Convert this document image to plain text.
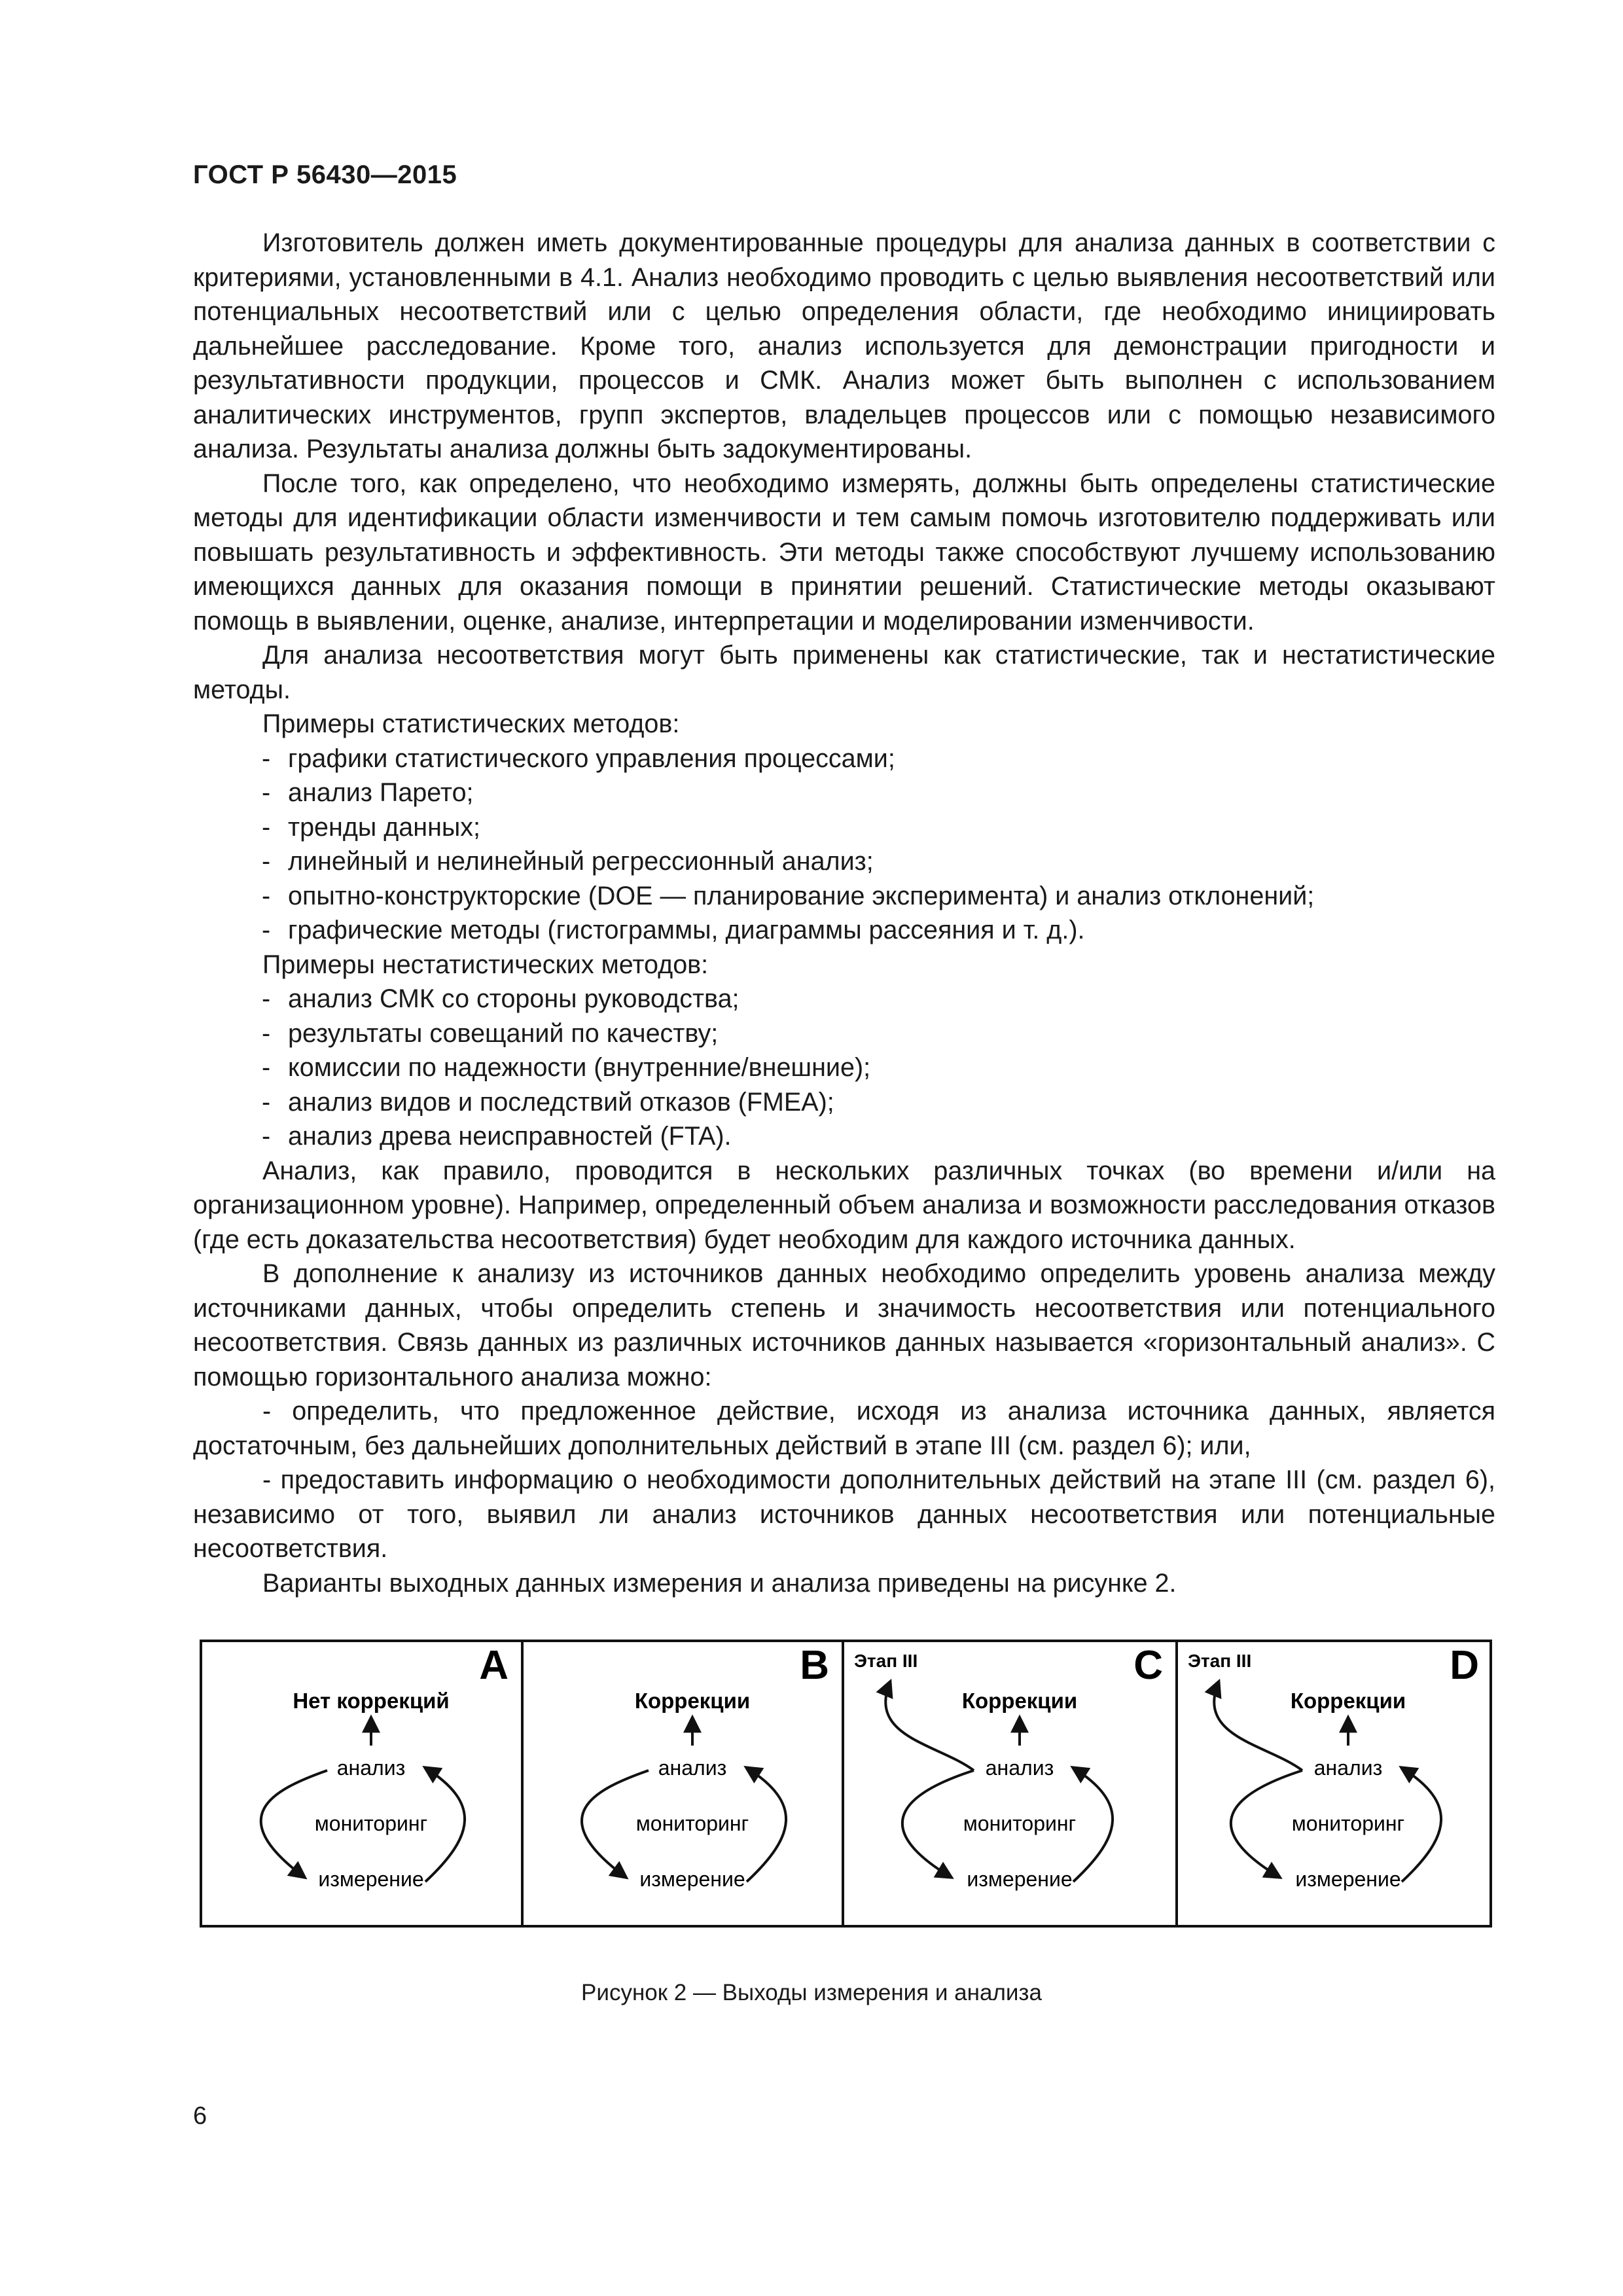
ГОСТ Р 56430—2015

Изготовитель должен иметь документированные процедуры для анализа данных в соответствии с критериями, установленными в 4.1. Анализ необходимо проводить с целью выявления несоответствий или потенциальных несоответствий или с целью определения области, где необходимо инициировать дальнейшее расследование. Кроме того, анализ используется для демонстрации пригодности и результативности продукции, процессов и СМК. Анализ может быть выполнен с использованием аналитических инструментов, групп экспертов, владельцев процессов или с помощью независимого анализа. Результаты анализа должны быть задокументированы.

После того, как определено, что необходимо измерять, должны быть определены статистические методы для идентификации области изменчивости и тем самым помочь изготовителю поддерживать или повышать результативность и эффективность. Эти методы также способствуют лучшему использованию имеющихся данных для оказания помощи в принятии решений. Статистические методы оказывают помощь в выявлении, оценке, анализе, интерпретации и моделировании изменчивости.

Для анализа несоответствия могут быть применены как статистические, так и нестатистические методы.

Примеры статистических методов:

- графики статистического управления процессами;

- анализ Парето;

- тренды данных;

- линейный и нелинейный регрессионный анализ;

- опытно-конструкторские (DOE — планирование эксперимента) и анализ отклонений;

- графические методы (гистограммы, диаграммы рассеяния и т. д.).

Примеры нестатистических методов:

- анализ СМК со стороны руководства;

- результаты совещаний по качеству;

- комиссии по надежности (внутренние/внешние);

- анализ видов и последствий отказов (FMEA);

- анализ древа неисправностей (FTA).

Анализ, как правило, проводится в нескольких различных точках (во времени и/или на организационном уровне). Например, определенный объем анализа и возможности расследования отказов (где есть доказательства несоответствия) будет необходим для каждого источника данных.

В дополнение к анализу из источников данных необходимо определить уровень анализа между источниками данных, чтобы определить степень и значимость несоответствия или потенциального несоответствия. Связь данных из различных источников данных называется «горизонтальный анализ». С помощью горизонтального анализа можно:

- определить, что предложенное действие, исходя из анализа источника данных, является достаточным, без дальнейших дополнительных действий в этапе III (см. раздел 6); или,

- предоставить информацию о необходимости дополнительных действий на этапе III (см. раздел 6), независимо от того, выявил ли анализ источников данных несоответствия или потенциальные несоответствия.

Варианты выходных данных измерения и анализа приведены на рисунке 2.

A
Нет коррекций
анализ
мониторинг
измерение
B
Коррекции
анализ
мониторинг
измерение
C
Этап III
Коррекции
анализ
мониторинг
измерение
D
Этап III
Коррекции
анализ
мониторинг
измерение
Рисунок 2 — Выходы измерения и анализа
6
